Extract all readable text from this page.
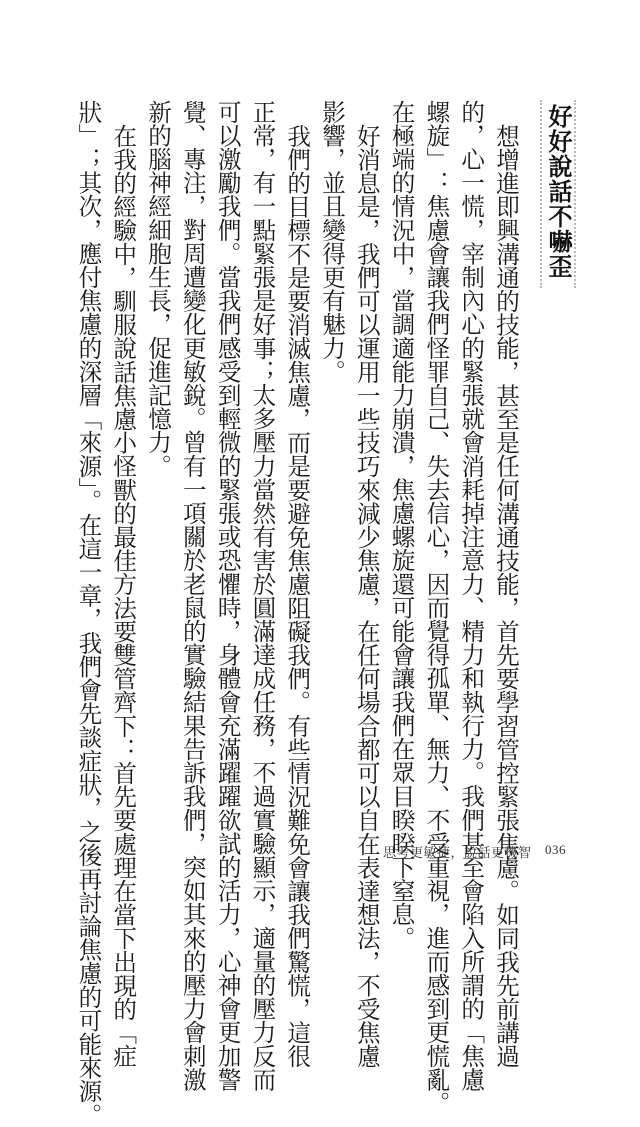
好好說話不嚇歪

想增進即興溝通的技能，甚至是任何溝通技能，首先要學習管控緊張焦慮。如同我先前講過

的，心一慌，宰制內心的緊張就會消耗掉注意力、精力和執行力。我們甚至會陷入所謂的「焦慮

螺旋」：焦慮會讓我們怪罪自己、失去信心，因而覺得孤單、無力、不受重視，進而感到更慌亂。

在極端的情況中，當調適能力崩潰，焦慮螺旋還可能會讓我們在眾目睽睽下窒息。

好消息是，我們可以運用一些技巧來減少焦慮，在任何場合都可以自在表達想法，不受焦慮

影響，並且變得更有魅力。

我們的目標不是要消滅焦慮，而是要避免焦慮阻礙我們。有些情況難免會讓我們驚慌，這很

正常，有一點緊張是好事；太多壓力當然有害於圓滿達成任務，不過實驗顯示，適量的壓力反而

可以激勵我們。當我們感受到輕微的緊張或恐懼時，身體會充滿躍躍欲試的活力，心神會更加警

覺、專注，對周遭變化更敏銳。曾有一項關於老鼠的實驗結果告訴我們，突如其來的壓力會刺激

新的腦神經細胞生長，促進記憶力。

在我的經驗中，馴服說話焦慮小怪獸的最佳方法要雙管齊下：首先要處理在當下出現的「症

狀」；其次，應付焦慮的深層「來源」。在這一章，我們會先談症狀，之後再討論焦慮的可能來源。	思考更敏捷，說話更機智 036
